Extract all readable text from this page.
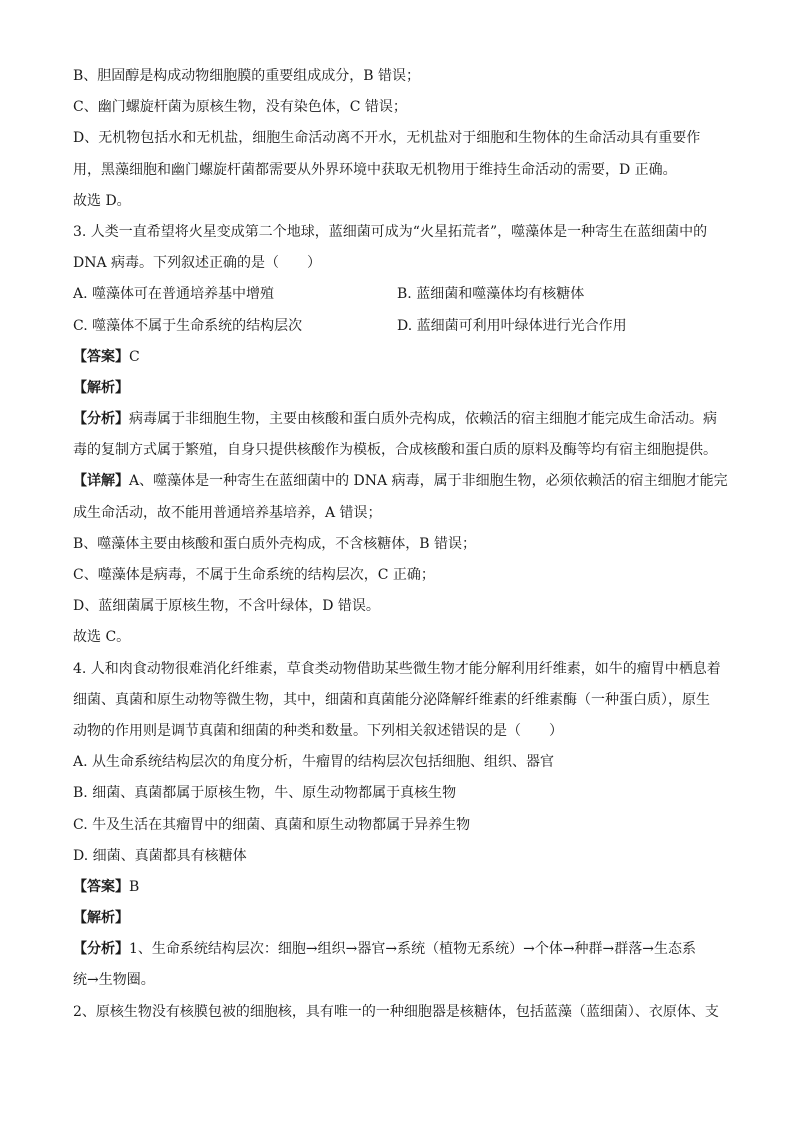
B、胆固醇是构成动物细胞膜的重要组成成分，B 错误；
C、幽门螺旋杆菌为原核生物，没有染色体，C 错误；
D、无机物包括水和无机盐，细胞生命活动离不开水，无机盐对于细胞和生物体的生命活动具有重要作
用，黑藻细胞和幽门螺旋杆菌都需要从外界环境中获取无机物用于维持生命活动的需要，D 正确。
故选 D。
3. 人类一直希望将火星变成第二个地球，蓝细菌可成为“火星拓荒者”，噬藻体是一种寄生在蓝细菌中的
DNA 病毒。下列叙述正确的是（　　）
A. 噬藻体可在普通培养基中增殖	B. 蓝细菌和噬藻体均有核糖体
C. 噬藻体不属于生命系统的结构层次	D. 蓝细菌可利用叶绿体进行光合作用
【答案】C
【解析】
【分析】病毒属于非细胞生物，主要由核酸和蛋白质外壳构成，依赖活的宿主细胞才能完成生命活动。病
毒的复制方式属于繁殖，自身只提供核酸作为模板，合成核酸和蛋白质的原料及酶等均有宿主细胞提供。
【详解】A、噬藻体是一种寄生在蓝细菌中的 DNA 病毒，属于非细胞生物，必须依赖活的宿主细胞才能完
成生命活动，故不能用普通培养基培养，A 错误；
B、噬藻体主要由核酸和蛋白质外壳构成，不含核糖体，B 错误；
C、噬藻体是病毒，不属于生命系统的结构层次，C 正确；
D、蓝细菌属于原核生物，不含叶绿体，D 错误。
故选 C。
4. 人和肉食动物很难消化纤维素，草食类动物借助某些微生物才能分解利用纤维素，如牛的瘤胃中栖息着
细菌、真菌和原生动物等微生物，其中，细菌和真菌能分泌降解纤维素的纤维素酶（一种蛋白质），原生
动物的作用则是调节真菌和细菌的种类和数量。下列相关叙述错误的是（　　）
A. 从生命系统结构层次的角度分析，牛瘤胃的结构层次包括细胞、组织、器官
B. 细菌、真菌都属于原核生物，牛、原生动物都属于真核生物
C. 牛及生活在其瘤胃中的细菌、真菌和原生动物都属于异养生物
D. 细菌、真菌都具有核糖体
【答案】B
【解析】
【分析】1、生命系统结构层次：细胞→组织→器官→系统（植物无系统）→个体→种群→群落→生态系
统→生物圈。
2、原核生物没有核膜包被的细胞核，具有唯一的一种细胞器是核糖体，包括蓝藻（蓝细菌）、衣原体、支
